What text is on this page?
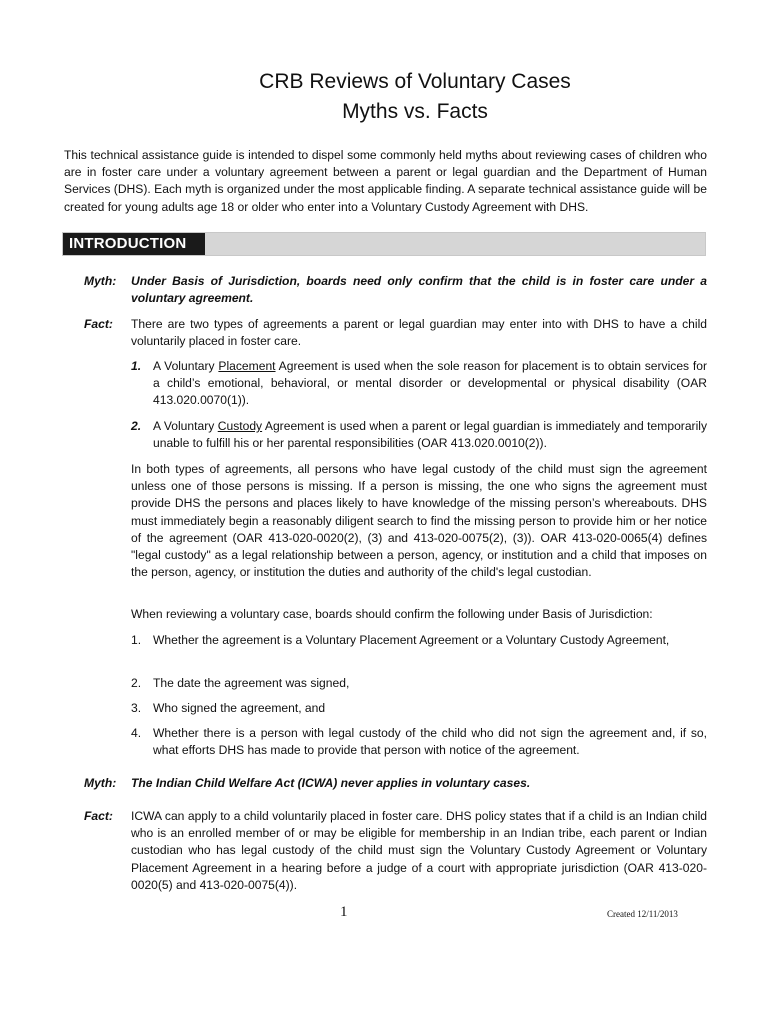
CRB Reviews of Voluntary Cases
Myths vs. Facts

This technical assistance guide is intended to dispel some commonly held myths about reviewing cases of children who are in foster care under a voluntary agreement between a parent or legal guardian and the Department of Human Services (DHS). Each myth is organized under the most applicable finding. A separate technical assistance guide will be created for young adults age 18 or older who enter into a Voluntary Custody Agreement with DHS.

INTRODUCTION
Myth: Under Basis of Jurisdiction, boards need only confirm that the child is in foster care under a voluntary agreement.

Fact: There are two types of agreements a parent or legal guardian may enter into with DHS to have a child voluntarily placed in foster care.

1. A Voluntary Placement Agreement is used when the sole reason for placement is to obtain services for a child’s emotional, behavioral, or mental disorder or developmental or physical disability (OAR 413.020.0070(1)).
2. A Voluntary Custody Agreement is used when a parent or legal guardian is immediately and temporarily unable to fulfill his or her parental responsibilities (OAR 413.020.0010(2)).

In both types of agreements, all persons who have legal custody of the child must sign the agreement unless one of those persons is missing. If a person is missing, the one who signs the agreement must provide DHS the persons and places likely to have knowledge of the missing person’s whereabouts. DHS must immediately begin a reasonably diligent search to find the missing person to provide him or her notice of the agreement (OAR 413-020-0020(2), (3) and 413-020-0075(2), (3)). OAR 413-020-0065(4) defines "legal custody" as a legal relationship between a person, agency, or institution and a child that imposes on the person, agency, or institution the duties and authority of the child's legal custodian.

When reviewing a voluntary case, boards should confirm the following under Basis of Jurisdiction:

1. Whether the agreement is a Voluntary Placement Agreement or a Voluntary Custody Agreement,
2. The date the agreement was signed,
3. Who signed the agreement, and
4. Whether there is a person with legal custody of the child who did not sign the agreement and, if so, what efforts DHS has made to provide that person with notice of the agreement.
Myth: The Indian Child Welfare Act (ICWA) never applies in voluntary cases.

Fact: ICWA can apply to a child voluntarily placed in foster care. DHS policy states that if a child is an Indian child who is an enrolled member of or may be eligible for membership in an Indian tribe, each parent or Indian custodian who has legal custody of the child must sign the Voluntary Custody Agreement or Voluntary Placement Agreement in a hearing before a judge of a court with appropriate jurisdiction (OAR 413-020-0020(5) and 413-020-0075(4)).

1	Created 12/11/2013
